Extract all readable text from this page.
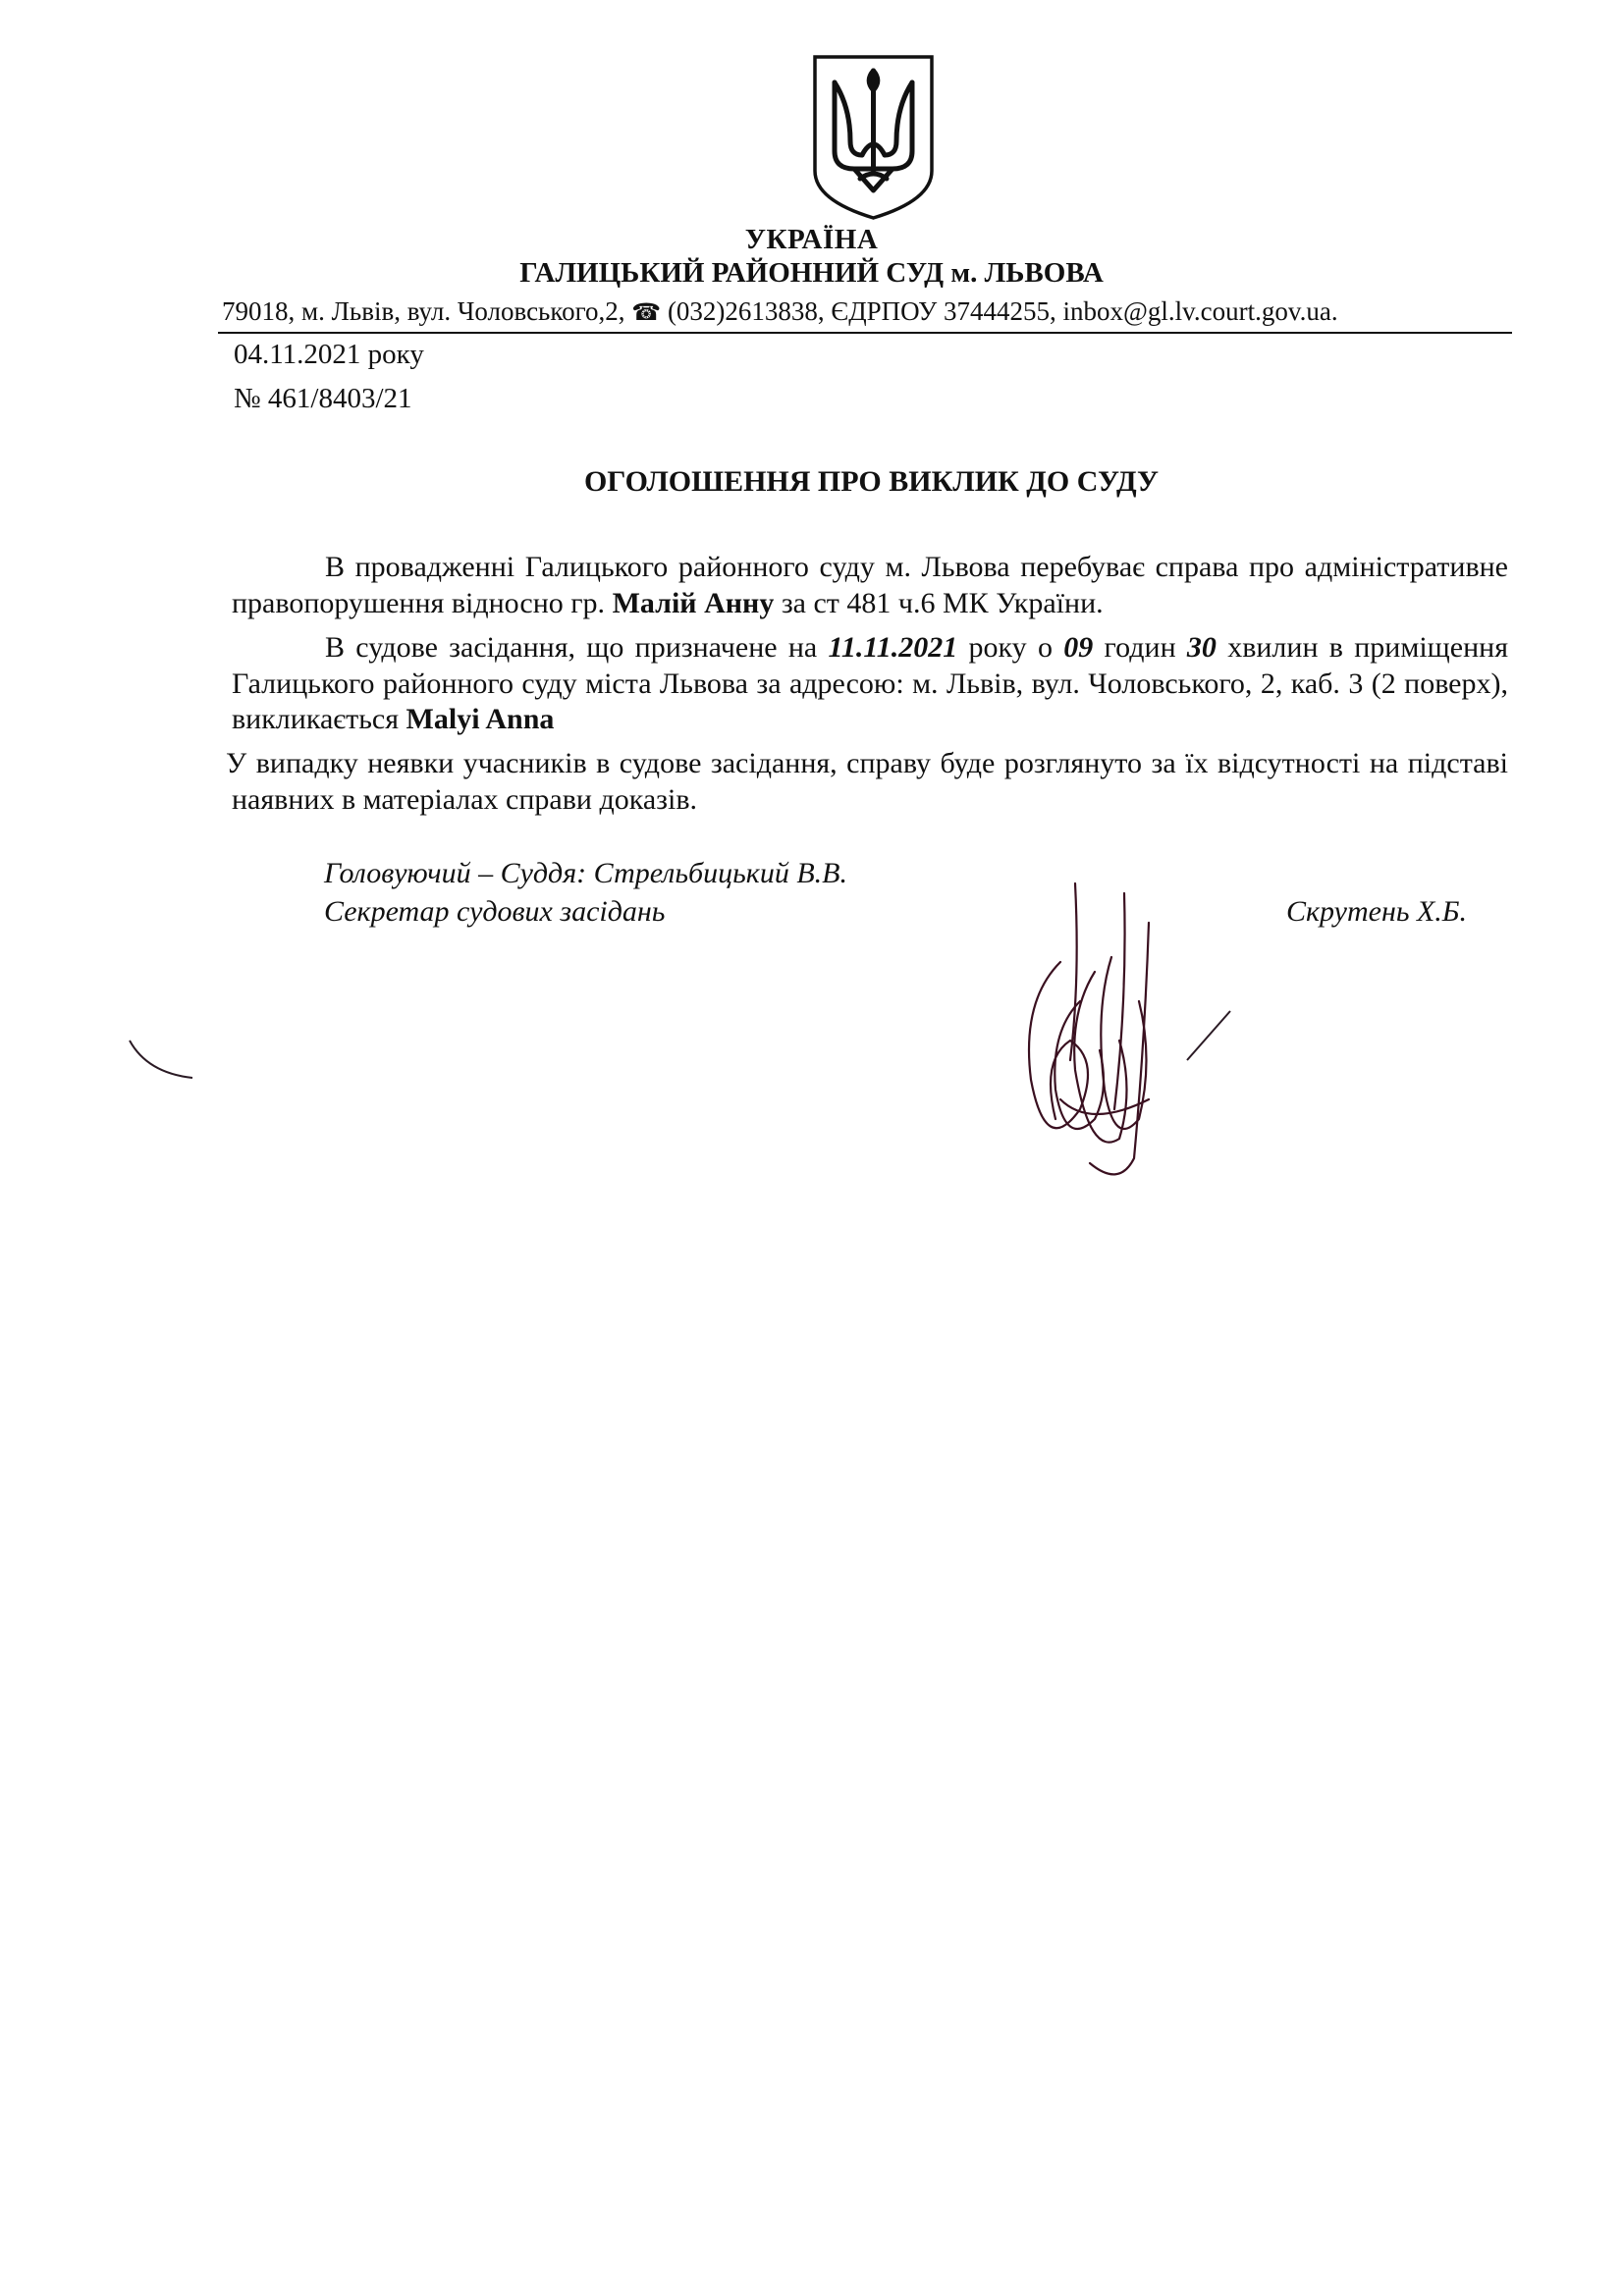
УКРАЇНА
ГАЛИЦЬКИЙ РАЙОННИЙ СУД м. ЛЬВОВА
79018, м. Львів, вул. Чоловського,2, ☎ (032)2613838, ЄДРПОУ 37444255, inbox@gl.lv.court.gov.ua.
04.11.2021 року
№ 461/8403/21
ОГОЛОШЕННЯ ПРО ВИКЛИК ДО СУДУ
В провадженні Галицького районного суду м. Львова перебуває справа про адміністративне правопорушення відносно гр. Малій Анну за ст 481 ч.6 МК України.
В судове засідання, що призначене на 11.11.2021 року о 09 годин 30 хвилин в приміщення Галицького районного суду міста Львова за адресою: м. Львів, вул. Чоловського, 2, каб. 3 (2 поверх), викликається Malyi Anna
У випадку неявки учасників в судове засідання, справу буде розглянуто за їх відсутності на підставі наявних в матеріалах справи доказів.
Головуючий – Суддя: Стрельбицький В.В.
Секретар судових засідань	Скрутень Х.Б.
